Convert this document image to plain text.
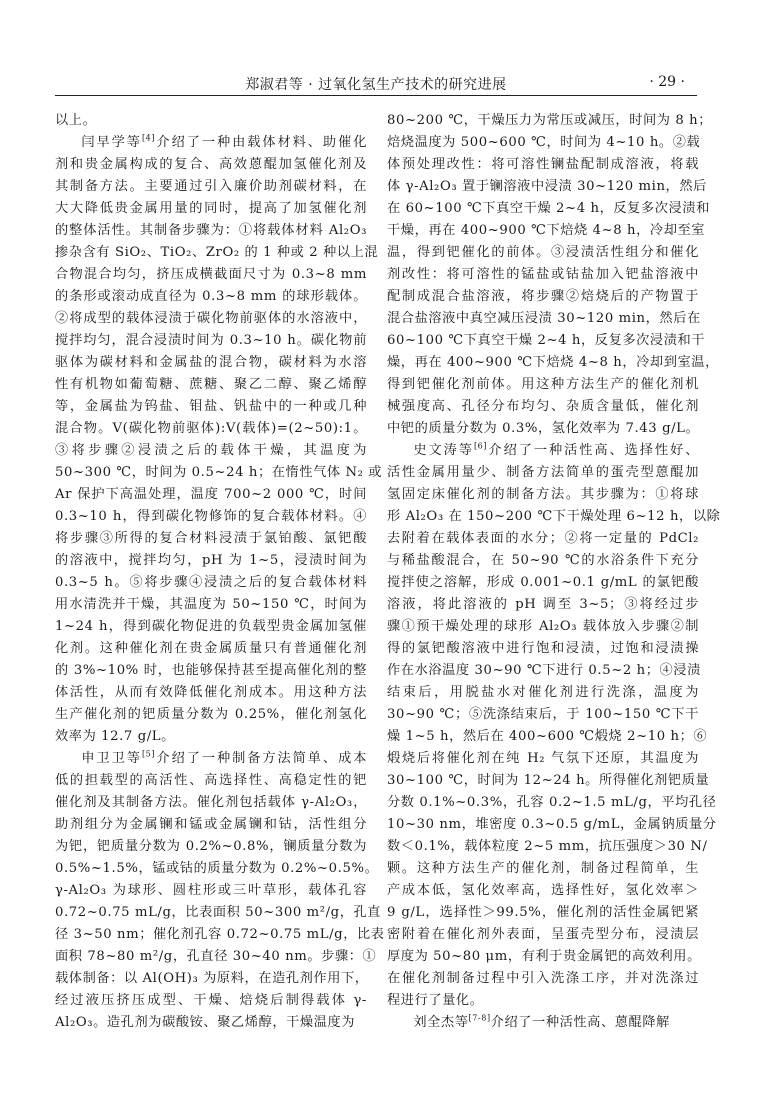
郑淑君等 · 过氧化氢生产技术的研究进展	· 29 ·

以上。

闫早学等[4]介绍了一种由载体材料、助催化
剂和贵金属构成的复合、高效蒽醌加氢催化剂及
其制备方法。主要通过引入廉价助剂碳材料，在
大大降低贵金属用量的同时，提高了加氢催化剂
的整体活性。其制备步骤为：①将载体材料 Al₂O₃
掺杂含有 SiO₂、TiO₂、ZrO₂ 的 1 种或 2 种以上混
合物混合均匀，挤压成横截面尺寸为 0.3~8 mm
的条形或滚动成直径为 0.3~8 mm 的球形载体。
②将成型的载体浸渍于碳化物前驱体的水溶液中，
搅拌均匀，混合浸渍时间为 0.3~10 h。碳化物前
驱体为碳材料和金属盐的混合物，碳材料为水溶
性有机物如葡萄糖、蔗糖、聚乙二醇、聚乙烯醇
等，金属盐为钨盐、钼盐、钒盐中的一种或几种
混合物。V(碳化物前驱体):V(载体)=(2~50):1。
③将步骤②浸渍之后的载体干燥，其温度为
50~300 ℃，时间为 0.5~24 h；在惰性气体 N₂ 或
Ar 保护下高温处理，温度 700~2 000 ℃，时间
0.3~10 h，得到碳化物修饰的复合载体材料。④
将步骤③所得的复合材料浸渍于氯铂酸、氯钯酸
的溶液中，搅拌均匀，pH 为 1~5，浸渍时间为
0.3~5 h。⑤将步骤④浸渍之后的复合载体材料
用水清洗并干燥，其温度为 50~150 ℃，时间为
1~24 h，得到碳化物促进的负载型贵金属加氢催
化剂。这种催化剂在贵金属质量只有普通催化剂
的 3%~10% 时，也能够保持甚至提高催化剂的整
体活性，从而有效降低催化剂成本。用这种方法
生产催化剂的钯质量分数为 0.25%，催化剂氢化
效率为 12.7 g/L。

申卫卫等[5]介绍了一种制备方法简单、成本
低的担载型的高活性、高选择性、高稳定性的钯
催化剂及其制备方法。催化剂包括载体 γ-Al₂O₃，
助剂组分为金属镧和锰或金属镧和钴，活性组分
为钯，钯质量分数为 0.2%~0.8%，镧质量分数为
0.5%~1.5%，锰或钴的质量分数为 0.2%~0.5%。
γ-Al₂O₃ 为球形、圆柱形或三叶草形，载体孔容
0.72~0.75 mL/g，比表面积 50~300 m²/g，孔直
径 3~50 nm；催化剂孔容 0.72~0.75 mL/g，比表
面积 78~80 m²/g，孔直径 30~40 nm。步骤：①
载体制备：以 Al(OH)₃ 为原料，在造孔剂作用下，
经过液压挤压成型、干燥、焙烧后制得载体 γ-
Al₂O₃。造孔剂为碳酸铵、聚乙烯醇，干燥温度为

80~200 ℃，干燥压力为常压或减压，时间为 8 h；
焙烧温度为 500~600 ℃，时间为 4~10 h。②载
体预处理改性：将可溶性镧盐配制成溶液，将载
体 γ-Al₂O₃ 置于镧溶液中浸渍 30~120 min，然后
在 60~100 ℃下真空干燥 2~4 h，反复多次浸渍和
干燥，再在 400~900 ℃下焙烧 4~8 h，冷却至室
温，得到钯催化的前体。③浸渍活性组分和催化
剂改性：将可溶性的锰盐或钴盐加入钯盐溶液中
配制成混合盐溶液，将步骤②焙烧后的产物置于
混合盐溶液中真空减压浸渍 30~120 min，然后在
60~100 ℃下真空干燥 2~4 h，反复多次浸渍和干
燥，再在 400~900 ℃下焙烧 4~8 h，冷却到室温，
得到钯催化剂前体。用这种方法生产的催化剂机
械强度高、孔径分布均匀、杂质含量低，催化剂
中钯的质量分数为 0.3%，氢化效率为 7.43 g/L。

史文涛等[6]介绍了一种活性高、选择性好、
活性金属用量少、制备方法简单的蛋壳型蒽醌加
氢固定床催化剂的制备方法。其步骤为：①将球
形 Al₂O₃ 在 150~200 ℃下干燥处理 6~12 h，以除
去附着在载体表面的水分；②将一定量的 PdCl₂
与稀盐酸混合，在 50~90 ℃的水浴条件下充分
搅拌使之溶解，形成 0.001~0.1 g/mL 的氯钯酸
溶液，将此溶液的 pH 调至 3~5；③将经过步
骤①预干燥处理的球形 Al₂O₃ 载体放入步骤②制
得的氯钯酸溶液中进行饱和浸渍，过饱和浸渍操
作在水浴温度 30~90 ℃下进行 0.5~2 h；④浸渍
结束后，用脱盐水对催化剂进行洗涤，温度为
30~90 ℃；⑤洗涤结束后，于 100~150 ℃下干
燥 1~5 h，然后在 400~600 ℃煅烧 2~10 h；⑥
煅烧后将催化剂在纯 H₂ 气氛下还原，其温度为
30~100 ℃，时间为 12~24 h。所得催化剂钯质量
分数 0.1%~0.3%，孔容 0.2~1.5 mL/g，平均孔径
10~30 nm，堆密度 0.3~0.5 g/mL，金属钠质量分
数＜0.1%，载体粒度 2~5 mm，抗压强度＞30 N/
颗。这种方法生产的催化剂，制备过程简单，生
产成本低，氢化效率高，选择性好，氢化效率＞
9 g/L，选择性＞99.5%，催化剂的活性金属钯紧
密附着在催化剂外表面，呈蛋壳型分布，浸渍层
厚度为 50~80 μm，有利于贵金属钯的高效利用。
在催化剂制备过程中引入洗涤工序，并对洗涤过
程进行了量化。

刘全杰等[7-8]介绍了一种活性高、蒽醌降解
